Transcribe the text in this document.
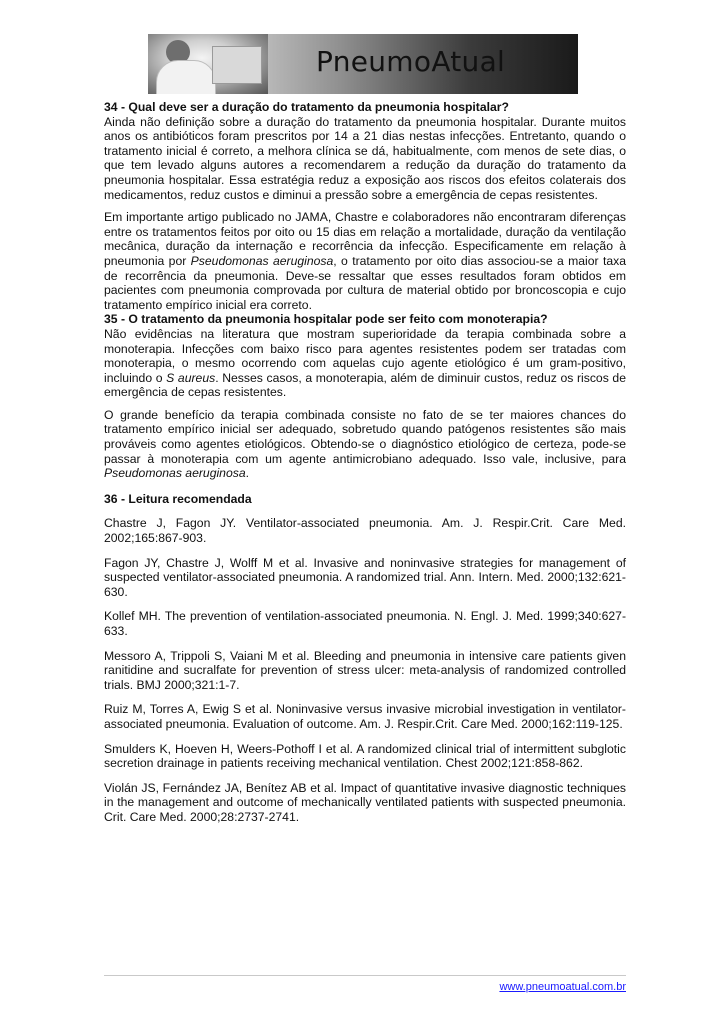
PneumoAtual

34 - Qual deve ser a duração do tratamento da pneumonia hospitalar?

Ainda não definição sobre a duração do tratamento da pneumonia hospitalar. Durante muitos anos os antibióticos foram prescritos por 14 a 21 dias nestas infecções. Entretanto, quando o tratamento inicial é correto, a melhora clínica se dá, habitualmente, com menos de sete dias, o que tem levado alguns autores a recomendarem a redução da duração do tratamento da pneumonia hospitalar. Essa estratégia reduz a exposição aos riscos dos efeitos colaterais dos medicamentos, reduz custos e diminui a pressão sobre a emergência de cepas resistentes.

Em importante artigo publicado no JAMA, Chastre e colaboradores não encontraram diferenças entre os tratamentos feitos por oito ou 15 dias em relação a mortalidade, duração da ventilação mecânica, duração da internação e recorrência da infecção. Especificamente em relação à pneumonia por Pseudomonas aeruginosa, o tratamento por oito dias associou-se a maior taxa de recorrência da pneumonia. Deve-se ressaltar que esses resultados foram obtidos em pacientes com pneumonia comprovada por cultura de material obtido por broncoscopia e cujo tratamento empírico inicial era correto.

35 - O tratamento da pneumonia hospitalar pode ser feito com monoterapia?

Não evidências na literatura que mostram superioridade da terapia combinada sobre a monoterapia. Infecções com baixo risco para agentes resistentes podem ser tratadas com monoterapia, o mesmo ocorrendo com aquelas cujo agente etiológico é um gram-positivo, incluindo o S aureus. Nesses casos, a monoterapia, além de diminuir custos, reduz os riscos de emergência de cepas resistentes.

O grande benefício da terapia combinada consiste no fato de se ter maiores chances do tratamento empírico inicial ser adequado, sobretudo quando patógenos resistentes são mais prováveis como agentes etiológicos. Obtendo-se o diagnóstico etiológico de certeza, pode-se passar à monoterapia com um agente antimicrobiano adequado. Isso vale, inclusive, para Pseudomonas aeruginosa.

36 - Leitura recomendada

Chastre J, Fagon JY. Ventilator-associated pneumonia. Am. J. Respir.Crit. Care Med. 2002;165:867-903.

Fagon JY, Chastre J, Wolff M et al. Invasive and noninvasive strategies for management of suspected ventilator-associated pneumonia. A randomized trial. Ann. Intern. Med. 2000;132:621-630.

Kollef MH. The prevention of ventilation-associated pneumonia. N. Engl. J. Med. 1999;340:627-633.

Messoro A, Trippoli S, Vaiani M et al. Bleeding and pneumonia in intensive care patients given ranitidine and sucralfate for prevention of stress ulcer: meta-analysis of randomized controlled trials. BMJ 2000;321:1-7.

Ruiz M, Torres A, Ewig S et al. Noninvasive versus invasive microbial investigation in ventilator-associated pneumonia. Evaluation of outcome. Am. J. Respir.Crit. Care Med. 2000;162:119-125.

Smulders K, Hoeven H, Weers-Pothoff I et al. A randomized clinical trial of intermittent subglotic secretion drainage in patients receiving mechanical ventilation. Chest 2002;121:858-862.

Violán JS, Fernández JA, Benítez AB et al. Impact of quantitative invasive diagnostic techniques in the management and outcome of mechanically ventilated patients with suspected pneumonia. Crit. Care Med. 2000;28:2737-2741.

www.pneumoatual.com.br
